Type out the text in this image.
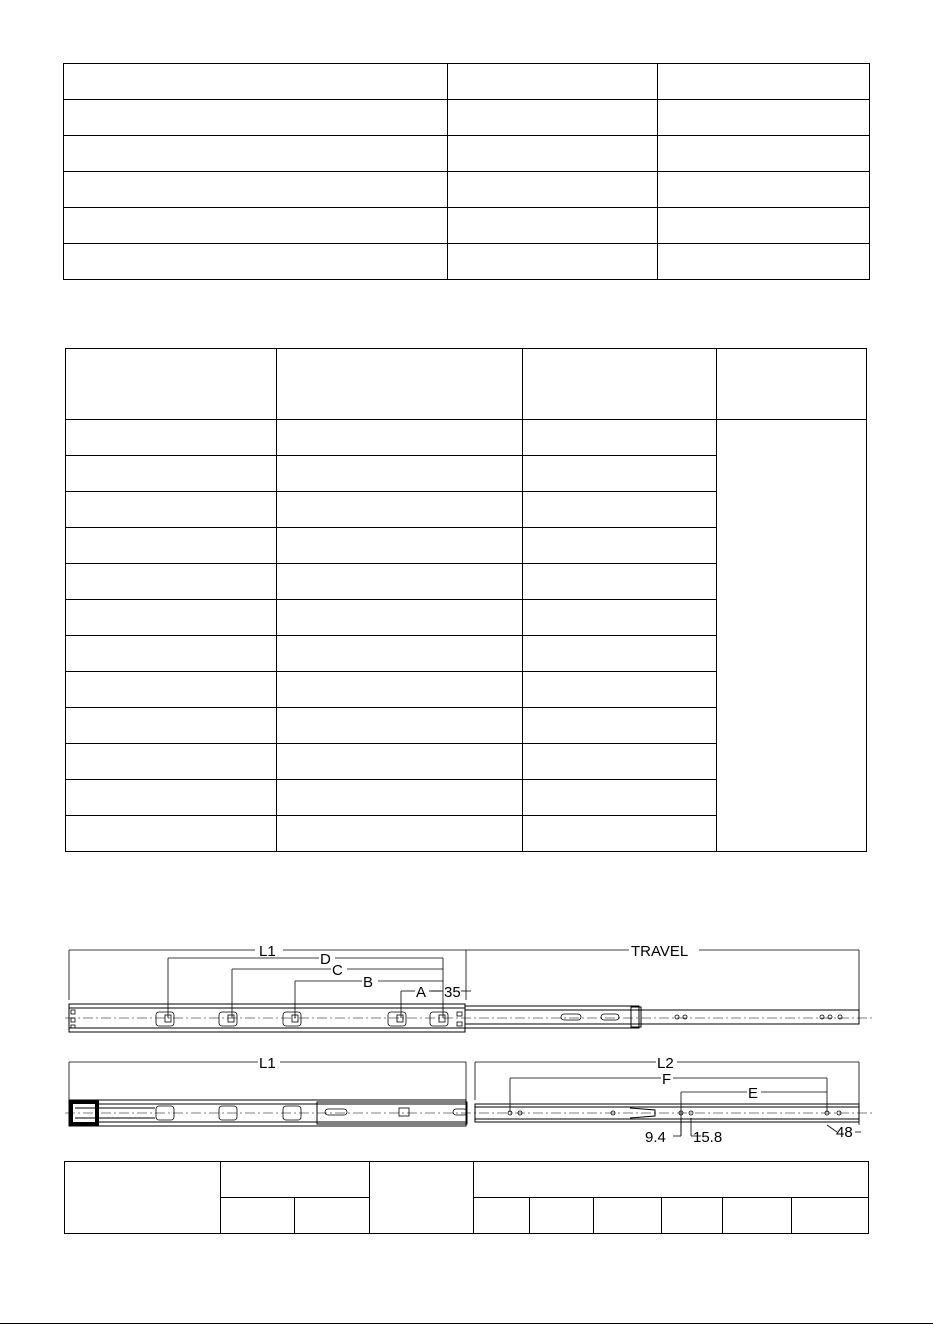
L1	TRAVEL
D
C
B
A 35
L1	L2
F
E
9.4 15.8	48
